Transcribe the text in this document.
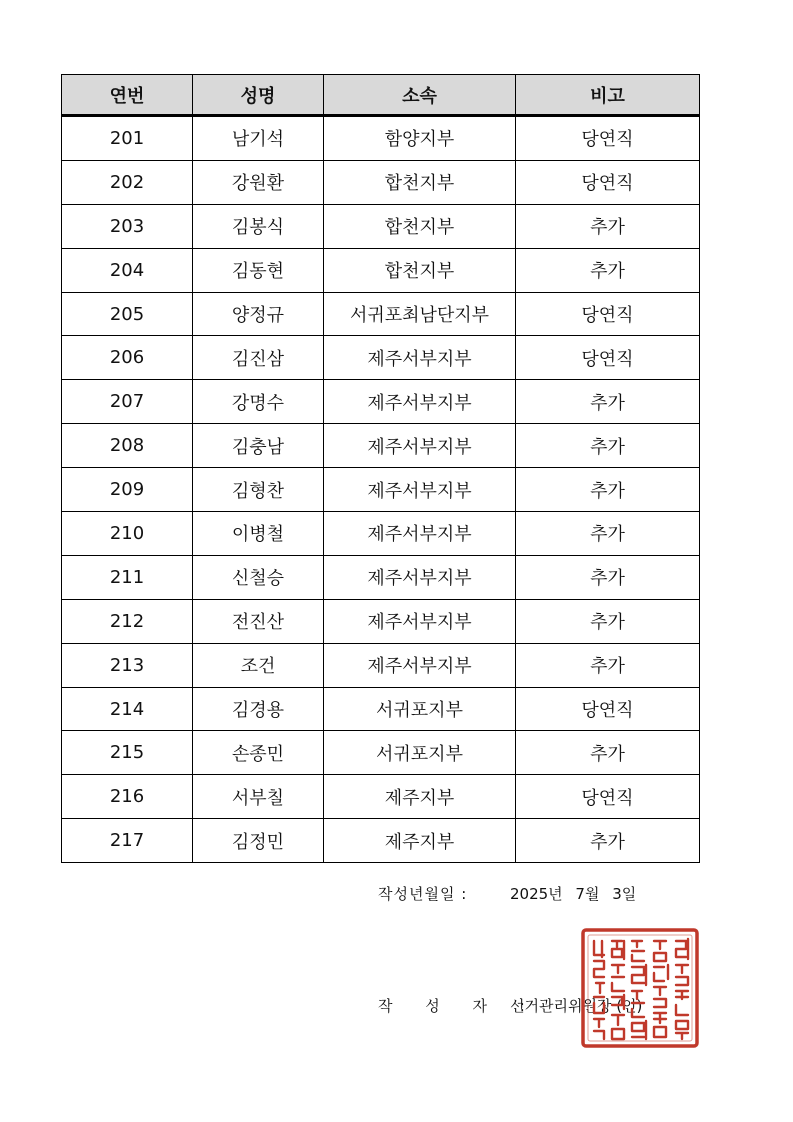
연번	성명	소속	비고
201	남기석	함양지부	당연직
202	강원환	합천지부	당연직
203	김봉식	합천지부	추가
204	김동현	합천지부	추가
205	양정규	서귀포최남단지부	당연직
206	김진삼	제주서부지부	당연직
207	강명수	제주서부지부	추가
208	김충남	제주서부지부	추가
209	김형찬	제주서부지부	추가
210	이병철	제주서부지부	추가
211	신철승	제주서부지부	추가
212	전진산	제주서부지부	추가
213	조건	제주서부지부	추가
214	김경용	서귀포지부	당연직
215	손종민	서귀포지부	추가
216	서부칠	제주지부	당연직
217	김정민	제주지부	추가
작성년월일 :	2025년 7월 3일
작 성 자 :선거관리위원장 (인)
